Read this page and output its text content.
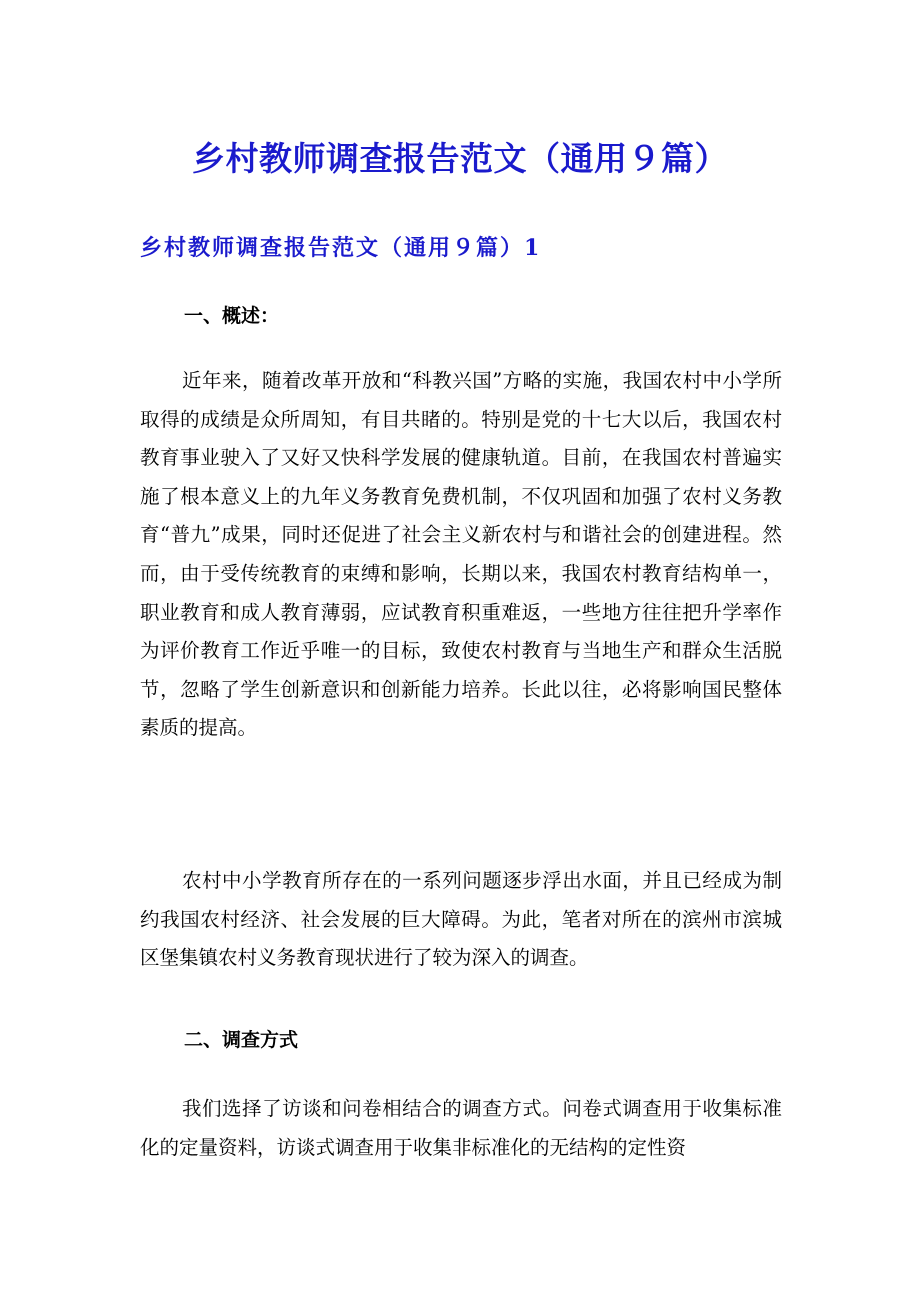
乡村教师调查报告范文（通用９篇）
乡村教师调查报告范文（通用９篇）1
一、概述：

近年来，随着改革开放和“科教兴国”方略的实施，我国农村中小学所取得的成绩是众所周知，有目共睹的。特别是党的十七大以后，我国农村教育事业驶入了又好又快科学发展的健康轨道。目前，在我国农村普遍实施了根本意义上的九年义务教育免费机制，不仅巩固和加强了农村义务教育“普九”成果，同时还促进了社会主义新农村与和谐社会的创建进程。然而，由于受传统教育的束缚和影响，长期以来，我国农村教育结构单一，职业教育和成人教育薄弱，应试教育积重难返，一些地方往往把升学率作为评价教育工作近乎唯一的目标，致使农村教育与当地生产和群众生活脱节，忽略了学生创新意识和创新能力培养。长此以往，必将影响国民整体素质的提高。

农村中小学教育所存在的一系列问题逐步浮出水面，并且已经成为制约我国农村经济、社会发展的巨大障碍。为此，笔者对所在的滨州市滨城区堡集镇农村义务教育现状进行了较为深入的调查。

二、调查方式

我们选择了访谈和问卷相结合的调查方式。问卷式调查用于收集标准化的定量资料，访谈式调查用于收集非标准化的无结构的定性资
